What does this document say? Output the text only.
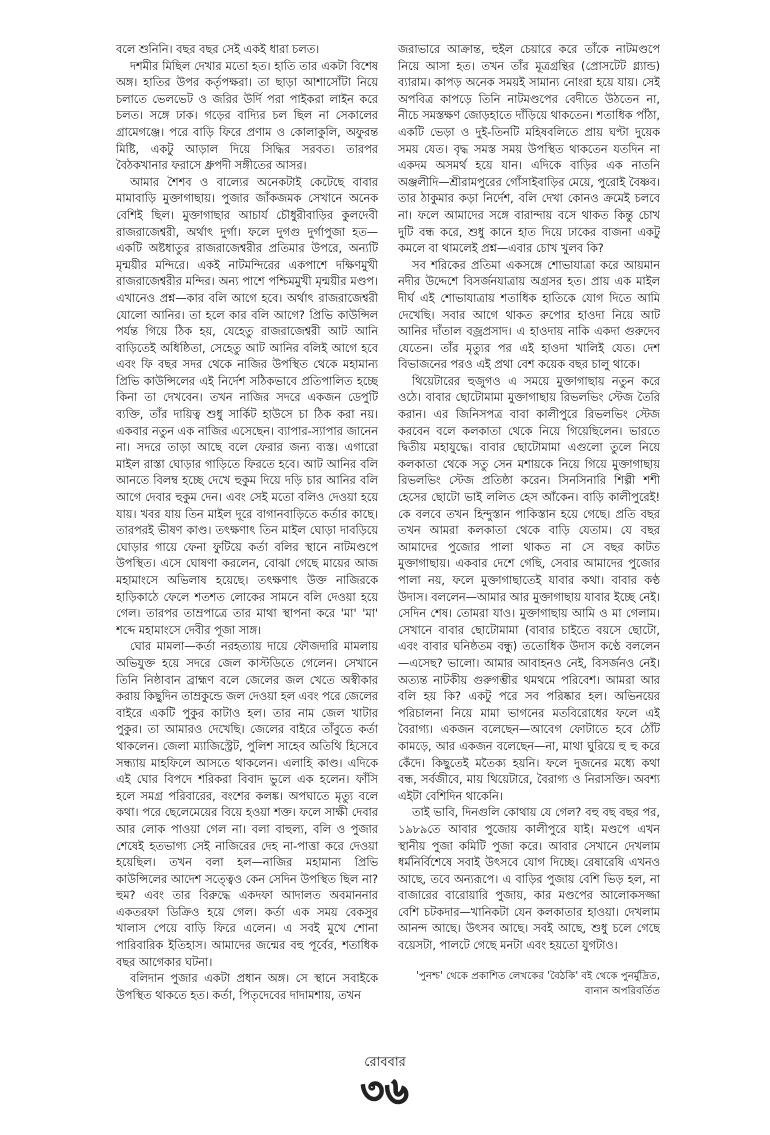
বলে শুনিনি। বছর বছর সেই একই ধারা চলত।

দশমীর মিছিল দেখার মতো হত। হাতি তার একটা বিশেষ অঙ্গ। হাতির উপর কর্তৃপক্ষরা। তা ছাড়া আশাসোঁটা নিয়ে চলাতে ভেলভেট ও জরির উর্দি পরা পাইকরা লাইন করে চলত। সঙ্গে ঢাক। গড়ের বাদ্যির চল ছিল না সেকালের গ্রামেগঞ্জে। পরে বাড়ি ফিরে প্রণাম ও কোলাকুলি, অফুরন্ত মিষ্টি, একটু আড়াল দিয়ে সিদ্ধির সরবত। তারপর বৈঠকখানার ফরাসে ধ্রুপদী সঙ্গীতের আসর।

আমার শৈশব ও বাল্যের অনেকটাই কেটেছে বাবার মামাবাড়ি মুক্তাগাছায়। পুজার জাঁকজমক সেখানে অনেক বেশিই ছিল। মুক্তাগাছার আচার্য চৌধুরীবাড়ির কুলদেবী রাজরাজেশ্বরী, অর্থাৎ দুর্গা। ফলে দুগগু দুর্গাপুজা হত—একটি অষ্টধাতুর রাজরাজেশ্বরীর প্রতিমার উপরে, অন্যটি মৃন্ময়ীর মন্দিরে। একই নাটমন্দিরের একপাশে দক্ষিণমুখী রাজরাজেশ্বরীর মন্দির। অন্য পাশে পশ্চিমমুখী মৃন্ময়ীর মণ্ডপ। এখানেও প্রশ্ন—কার বলি আগে হবে। অর্থাৎ রাজরাজেশ্বরী যোলো আনির। তা হলে কার বলি আগে? প্রিভি কাউন্সিল পর্যন্ত গিয়ে ঠিক হয়, যেহেতু রাজরাজেশ্বরী আট আনি বাড়িতেই অধিষ্ঠিতা, সেহেতু আট আনির বলিই আগে হবে এবং ফি বছর সদর থেকে নাজির উপস্থিত থেকে মহামান্য প্রিভি কাউন্সিলের এই নির্দেশ সঠিকভাবে প্রতিপালিত হচ্ছে কিনা তা দেখবেন। তখন নাজির সদরে একজন ডেপুটি ব্যক্তি, তাঁর দায়িত্ব শুধু সার্কিট হাউসে চা ঠিক করা নয়। একবার নতুন এক নাজির এসেছেন। ব্যাপার-স্যাপার জানেন না। সদরে তাড়া আছে বলে ফেরার জন্য ব্যস্ত। এগারো মাইল রাস্তা ঘোড়ার গাড়িতে ফিরতে হবে। আট আনির বলি আনতে বিলম্ব হচ্ছে দেখে হুকুম দিয়ে দড়ি চার আনির বলি আগে দেবার হুকুম দেন। এবং সেই মতো বলিও দেওয়া হয়ে যায়। খবর যায় তিন মাইল দূরে বাগানবাড়িতে কর্তার কাছে। তারপরই ভীষণ কাণ্ড। তৎক্ষণাৎ তিন মাইল ঘোড়া দাবড়িয়ে ঘোড়ার গায়ে ফেনা ফুটিয়ে কর্তা বলির স্থানে নাটমণ্ডপে উপস্থিত। এসে ঘোষণা করলেন, বোঝা গেছে মায়ের আজ মহামাংসে অভিলাষ হয়েছে। তৎক্ষণাৎ উক্ত নাজিরকে হাড়িকাঠে ফেলে শতশত লোকের সামনে বলি দেওয়া হয়ে গেল। তারপর তাম্রপাত্রে তার মাথা স্থাপনা করে 'মা' 'মা' শব্দে মহামাংসে দেবীর পূজা সাঙ্গ।

ঘোর মামলা—কর্তা নরহত্যায় দায়ে ফৌজদারি মামলায় অভিযুক্ত হয়ে সদরে জেল কাস্টডিতে গেলেন। সেখানে তিনি নিষ্ঠাবান ব্রাহ্মণ বলে জেলের জল খেতে অস্বীকার করায় কিছুদিন তাম্রকুন্ডে জল দেওয়া হল এবং পরে জেলের বাইরে একটি পুকুর কাটাও হল। তার নাম জেল খাটার পুকুর। তা আমারও দেখেছি। জেলের বাইরে তাঁবুতে কর্তা থাকলেন। জেলা ম্যাজিস্ট্রেট, পুলিশ সাহেব অতিথি হিসেবে সন্ধ্যায় মাহফিলে আসতে থাকলেন। এলাহি কাণ্ড। এদিকে এই ঘোর বিপদে শরিকরা বিবাদ ভুলে এক হলেন। ফাঁসি হলে সমগ্র পরিবারের, বংশের কলঙ্ক। অপঘাতে মৃত্যু বলে কথা। পরে ছেলেমেয়ের বিয়ে হওয়া শক্ত। ফলে সাক্ষী দেবার আর লোক পাওয়া গেল না। বলা বাহুল্য, বলি ও পুজার শেষেই হতভাগ্য সেই নাজিরের দেহ না-পাত্তা করে দেওয়া হয়েছিল। তখন বলা হল—নাজির মহামান্য প্রিভি কাউন্সিলের আদেশ সত্ত্বেও কেন সেদিন উপস্থিত ছিল না? হুম? এবং তার বিরুদ্ধে একদফা আদালত অবমাননার একতরফা ডিক্রিও হয়ে গেল। কর্তা এক সময় বেকসুর খালাস পেয়ে বাড়ি ফিরে এলেন। এ সবই মুখে শোনা পারিবারিক ইতিহাস। আমাদের জন্মের বহু পূর্বের, শতাধিক বছর আগেকার ঘটনা।

বলিদান পুজার একটা প্রধান অঙ্গ। সে স্থানে সবাইকে উপস্থিত থাকতে হত। কর্তা, পিতৃদেবের দাদামশায়, তখন

জরাভারে আক্রান্ত, হুইল চেয়ারে করে তাঁকে নাটমণ্ডপে নিয়ে আসা হত। তখন তাঁর মূত্রগ্রন্থির (প্রোসটেট গ্ল্যান্ড) ব্যারাম। কাপড় অনেক সময়ই সামান্য নোংরা হয়ে যায়। সেই অপবিত্র কাপড়ে তিনি নাটমণ্ডপের বেদীতে উঠতেন না, নীচে সমস্তক্ষণ জোড়হাতে দাঁড়িয়ে থাকতেন। শতাধিক পাঁঠা, একটি ভেড়া ও দুই-তিনটি মহিষবলিতে প্রায় ঘণ্টা দুয়েক সময় যেত। বৃদ্ধ সমস্ত সময় উপস্থিত থাকতেন যতদিন না একদম অসমর্থ হয়ে যান। এদিকে বাড়ির এক নাতনি অঞ্জলীদি—শ্রীরামপুরের গোঁসাইবাড়ির মেয়ে, পুরোই বৈষ্ণব। তার ঠাকুমার কড়া নির্দেশ, বলি দেখা কোনও ক্রমেই চলবে না। ফলে আমাদের সঙ্গে বারান্দায় বসে থাকত কিন্তু চোখ দুটি বন্ধ করে, শুধু কানে হাত দিয়ে ঢাকের বাজনা একটু কমলে বা থামলেই প্রশ্ন—এবার চোখ খুলব কি?

সব শরিকের প্রতিমা একসঙ্গে শোভাযাত্রা করে আয়মান নদীর উদ্দেশে বিসর্জনযাত্রায় অগ্রসর হত। প্রায় এক মাইল দীর্ঘ এই শোভাযাত্রায় শতাধিক হাতিকে যোগ দিতে আমি দেখেছি। সবার আগে থাকত রুপোর হাওদা নিয়ে আট আনির দাঁতাল বজ্রপ্রসাদ। এ হাওদায় নাকি একদা গুরুদেব যেতেন। তাঁর মৃত্যুর পর এই হাওদা খালিই যেত। দেশ বিভাজনের পরও এই প্রথা বেশ কয়েক বছর চালু থাকে।

থিয়েটারের হুজুগও এ সময়ে মুক্তাগাছায় নতুন করে ওঠে। বাবার ছোটোমামা মুক্তাগাছায় রিভলভিং স্টেজ তৈরি করান। এর জিনিসপত্র বাবা কালীপুরে রিভলভিং স্টেজ করবেন বলে কলকাতা থেকে নিয়ে গিয়েছিলেন। ভারতে দ্বিতীয় মহাযুদ্ধে। বাবার ছোটোমামা এগুলো তুলে নিয়ে কলকাতা থেকে সতু সেন মশায়কে নিয়ে গিয়ে মুক্তাগাছায় রিভলভিং স্টেজ প্রতিষ্ঠা করেন। সিনসিনারি শিল্পী শশী হেসের ছোটো ভাই ললিত হেস আঁকেন। বাড়ি কালীপুরেই! কে বলবে তখন হিন্দুস্তান পাকিস্তান হয়ে গেছে। প্রতি বছর তখন আমরা কলকাতা থেকে বাড়ি যেতাম। যে বছর আমাদের পুজোর পালা থাকত না সে বছর কাটত মুক্তাগাছায়। একবার দেশে গেছি, সেবার আমাদের পুজোর পালা নয়, ফলে মুক্তাগাছাতেই যাবার কথা। বাবার কণ্ঠ উদাস। বললেন—আমার আর মুক্তাগাছায় যাবার ইচ্ছে নেই। সেদিন শেষ। তোমরা যাও। মুক্তাগাছায় আমি ও মা গেলাম। সেখানে বাবার ছোটোমামা (বাবার চাইতে বয়সে ছোটো, এবং বাবার ঘনিষ্ঠতম বন্ধু) ততোধিক উদাস কণ্ঠে বললেন—এসেছ? ভালো। আমার আবাহনও নেই, বিসর্জনও নেই। অত্যন্ত নাটকীয় গুরুগম্ভীর থমথমে পরিবেশ। আমরা আর বলি হয় কি? একটু পরে সব পরিষ্কার হল। অভিনয়ের পরিচালনা নিয়ে মামা ভাগনের মতবিরোধের ফলে এই বৈরাগ্য। একজন বলেছেন—আবেগ ফোটাতে হবে ঠোঁট কামড়ে, আর একজন বলেছেন—না, মাথা ঘুরিয়ে হু হু করে কেঁদে। কিছুতেই মতৈক্য হয়নি। ফলে দুজনের মধ্যে কথা বন্ধ, সর্বজীবে, মায় থিয়েটারে, বৈরাগ্য ও নিরাসক্তি। অবশ্য এইটা বেশিদিন থাকেনি।

তাই ভাবি, দিনগুলি কোথায় যে গেল? বহু বছ বছর পর, ১৯৮৯তে আবার পুজোয় কালীপুরে যাই। মণ্ডপে এখন স্থানীয় পুজা কমিটি পুজা করে। আবার সেখানে দেখলাম ধর্মনির্বিশেষে সবাই উৎসবে যোগ দিচ্ছে। রেষারেষি এখনও আছে, তবে অন্যরূপে। এ বাড়ির পুজায় বেশি ভিড় হল, না বাজারের বারোয়ারি পুজায়, কার মণ্ডপের আলোকসজ্জা বেশি চটকদার—খানিকটা যেন কলকাতার হাওয়া। দেখলাম আনন্দ আছে। উৎসব আছে। সবই আছে, শুধু চলে গেছে বয়েসটা, পালটে গেছে মনটা এবং হয়তো যুগটাও।

'পুনশ্চ' থেকে প্রকাশিত লেখকের 'বৈঠকি' বই থেকে পুনর্মুদ্রিত,
বানান অপরিবর্তিত
রোববার
৩৬
